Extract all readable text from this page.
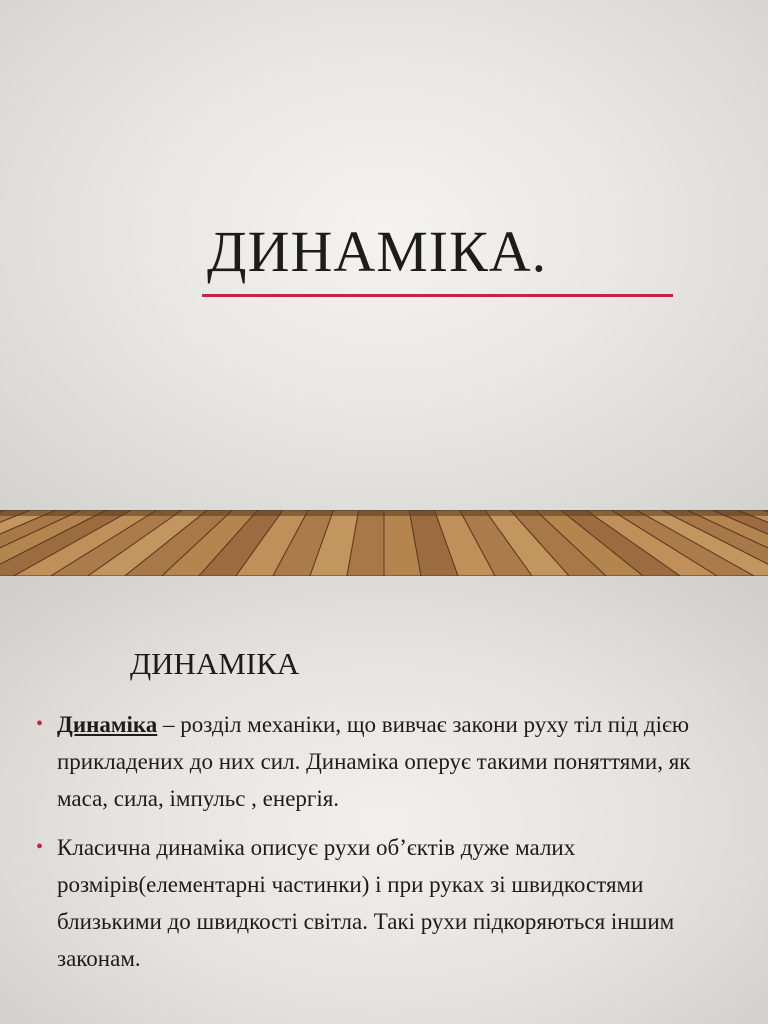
ДИНАМІКА.
ДИНАМІКА
• Динаміка – розділ механіки, що вивчає закони руху тіл під дією прикладених до них сил. Динаміка оперує такими поняттями, як маса, сила, імпульс , енергія.
• Класична динаміка описує рухи об’єктів дуже малих розмірів(елементарні частинки) і при руках зі швидкостями близькими до швидкості світла. Такі рухи підкоряються іншим законам.
